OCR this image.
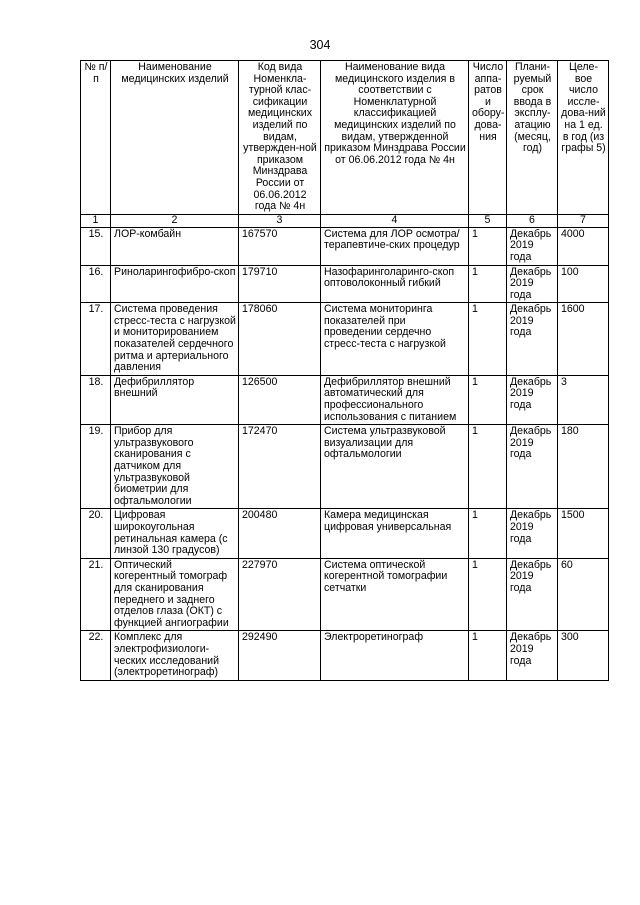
304
№ п/п	Наименование медицинских изделий	Код вида Номенкла-турной клас-сификации медицинских изделий по видам, утвержден-ной приказом Минздрава России от 06.06.2012 года № 4н	Наименование вида медицинского изделия в соответствии с Номенклатурной классификацией медицинских изделий по видам, утвержденной приказом Минздрава России от 06.06.2012 года № 4н	Число аппа-ратов и обору-дова-ния	Плани-руемый срок ввода в эксплу-атацию (месяц, год)	Целе-вое число иссле-дова-ний на 1 ед. в год (из графы 5)
1	2	3	4	5	6	7
15.	ЛОР-комбайн	167570	Система для ЛОР осмотра/терапевтиче-ских процедур	1	Декабрь 2019 года	4000
16.	Риноларингофибро-скоп	179710	Назофаринголаринго-скоп оптоволоконный гибкий	1	Декабрь 2019 года	100
17.	Система проведения стресс-теста с нагрузкой и мониторированием показателей сердечного ритма и артериального давления	178060	Система мониторинга показателей при проведении сердечно стресс-теста с нагрузкой	1	Декабрь 2019 года	1600
18.	Дефибриллятор внешний	126500	Дефибриллятор внешний автоматический для профессионального использования с питанием	1	Декабрь 2019 года	3
19.	Прибор для ультразвукового сканирования с датчиком для ультразвуковой биометрии для офтальмологии	172470	Система ультразвуковой визуализации для офтальмологии	1	Декабрь 2019 года	180
20.	Цифровая широкоугольная ретинальная камера (с линзой 130 градусов)	200480	Камера медицинская цифровая универсальная	1	Декабрь 2019 года	1500
21.	Оптический когерентный томограф для сканирования переднего и заднего отделов глаза (ОКТ) с функцией ангиографии	227970	Система оптической когерентной томографии сетчатки	1	Декабрь 2019 года	60
22.	Комплекс для электрофизиологи-ческих исследований (электроретинограф)	292490	Электроретинограф	1	Декабрь 2019 года	300
